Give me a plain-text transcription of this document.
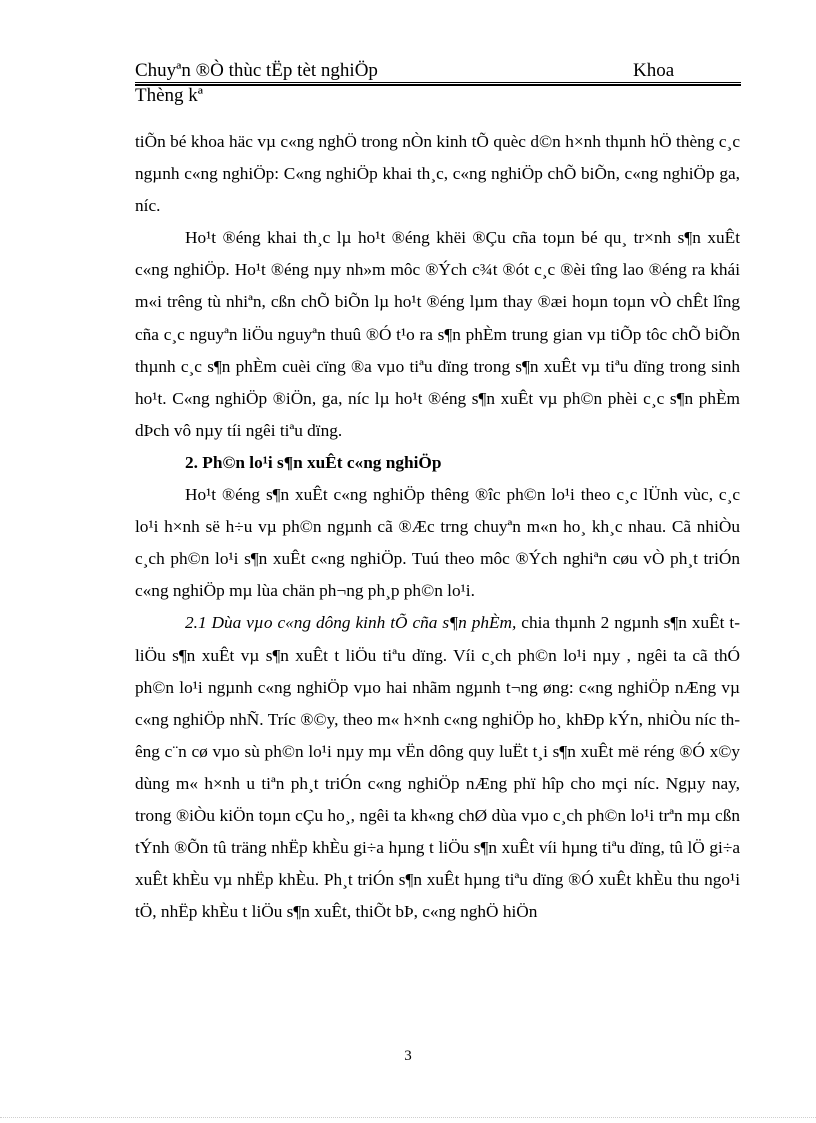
Chuyªn ®Ò thùc tËp tèt nghiÖp	Khoa
Thèng kª

tiÕn bé khoa häc vµ c«ng nghÖ trong nÒn kinh tÕ quèc d©n h×nh thµnh hÖ thèng c¸c ngµnh c«ng nghiÖp: C«ng nghiÖp khai th¸c, c«ng nghiÖp chÕ biÕn, c«ng nghiÖp ga, níc.

Ho¹t ®éng khai th¸c lµ ho¹t ®éng khëi ®Çu cña toµn bé qu¸ tr×nh s¶n xuÊt c«ng nghiÖp. Ho¹t ®éng nµy nh»m môc ®Ých c¾t ®ót c¸c ®èi tîng lao ®éng ra khái m«i trêng tù nhiªn, cßn chÕ biÕn lµ ho¹t ®éng lµm thay ®æi hoµn toµn vÒ chÊt lîng cña c¸c nguyªn liÖu nguyªn thuû ®Ó t¹o ra s¶n phÈm trung gian vµ tiÕp tôc chÕ biÕn thµnh c¸c s¶n phÈm cuèi cïng ®a vµo tiªu dïng trong s¶n xuÊt vµ tiªu dïng trong sinh ho¹t. C«ng nghiÖp ®iÖn, ga, níc lµ ho¹t ®éng s¶n xuÊt vµ ph©n phèi c¸c s¶n phÈm dÞch vô nµy tíi ngêi tiªu dïng.

2. Ph©n lo¹i s¶n xuÊt c«ng nghiÖp

Ho¹t ®éng s¶n xuÊt c«ng nghiÖp thêng ®îc ph©n lo¹i theo c¸c lÜnh vùc, c¸c lo¹i h×nh së h÷u vµ ph©n ngµnh cã ®Æc trng chuyªn m«n ho¸ kh¸c nhau. Cã nhiÒu c¸ch ph©n lo¹i s¶n xuÊt c«ng nghiÖp. Tuú theo môc ®Ých nghiªn cøu vÒ ph¸t triÓn c«ng nghiÖp mµ lùa chän ph¬ng ph¸p ph©n lo¹i.

2.1 Dùa vµo c«ng dông kinh tÕ cña s¶n phÈm, chia thµnh 2 ngµnh s¶n xuÊt t liÖu s¶n xuÊt vµ s¶n xuÊt t liÖu tiªu dïng. Víi c¸ch ph©n lo¹i nµy , ngêi ta cã thÓ ph©n lo¹i ngµnh c«ng nghiÖp vµo hai nhãm ngµnh t¬ng øng: c«ng nghiÖp nÆng vµ c«ng nghiÖp nhÑ. Tríc ®©y, theo m« h×nh c«ng nghiÖp ho¸ khÐp kÝn, nhiÒu níc thêng c¨n cø vµo sù ph©n lo¹i nµy mµ vËn dông quy luËt t¸i s¶n xuÊt më réng ®Ó x©y dùng m« h×nh u tiªn ph¸t triÓn c«ng nghiÖp nÆng phï hîp cho mçi níc. Ngµy nay, trong ®iÒu kiÖn toµn cÇu ho¸, ngêi ta kh«ng chØ dùa vµo c¸ch ph©n lo¹i trªn mµ cßn tÝnh ®Õn tû träng nhËp khÈu gi÷a hµng t liÖu s¶n xuÊt víi hµng tiªu dïng, tû lÖ gi÷a xuÊt khÈu vµ nhËp khÈu. Ph¸t triÓn s¶n xuÊt hµng tiªu dïng ®Ó xuÊt khÈu thu ngo¹i tÖ, nhËp khÈu t liÖu s¶n xuÊt, thiÕt bÞ, c«ng nghÖ hiÖn

3
